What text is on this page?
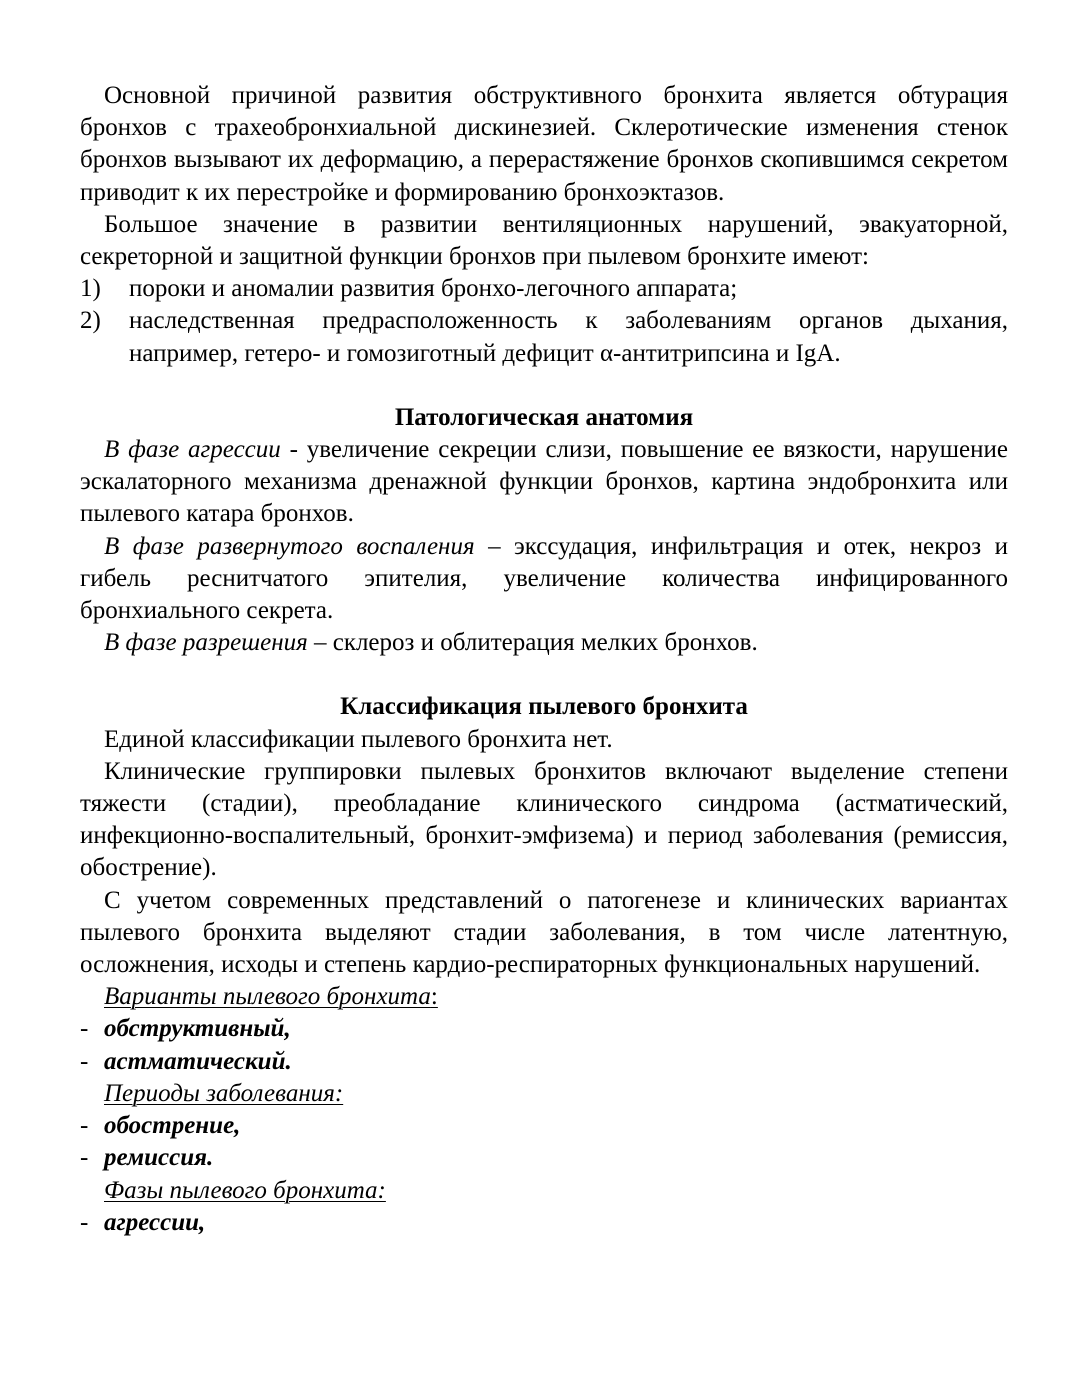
Основной причиной развития обструктивного бронхита является обтурация бронхов с трахеобронхиальной дискинезией. Склеротические изменения стенок бронхов вызывают их деформацию, а перерастяжение бронхов скопившимся секретом приводит к их перестройке и формированию бронхоэктазов.

Большое значение в развитии вентиляционных нарушений, эвакуаторной, секреторной и защитной функции бронхов при пылевом бронхите имеют:

1)	пороки и аномалии развития бронхо-легочного аппарата;
2)	наследственная предрасположенность к заболеваниям органов дыхания, например, гетеро- и гомозиготный дефицит α-антитрипсина и IgA.

Патологическая анатомия

В фазе агрессии - увеличение секреции слизи, повышение ее вязкости, нарушение эскалаторного механизма дренажной функции бронхов, картина эндобронхита или пылевого катара бронхов.

В фазе развернутого воспаления – экссудация, инфильтрация и отек, некроз и гибель реснитчатого эпителия, увеличение количества инфицированного бронхиального секрета.

В фазе разрешения – склероз и облитерация мелких бронхов.

Классификация пылевого бронхита

Единой классификации пылевого бронхита нет.

Клинические группировки пылевых бронхитов включают выделение степени тяжести (стадии), преобладание клинического синдрома (астматический, инфекционно-воспалительный, бронхит-эмфизема) и период заболевания (ремиссия, обострение).

С учетом современных представлений о патогенезе и клинических вариантах пылевого бронхита выделяют стадии заболевания, в том числе латентную, осложнения, исходы и степень кардио-респираторных функциональных нарушений.

Варианты пылевого бронхита:

- обструктивный,
- астматический.

Периоды заболевания:

- обострение,
- ремиссия.

Фазы пылевого бронхита:

- агрессии,
